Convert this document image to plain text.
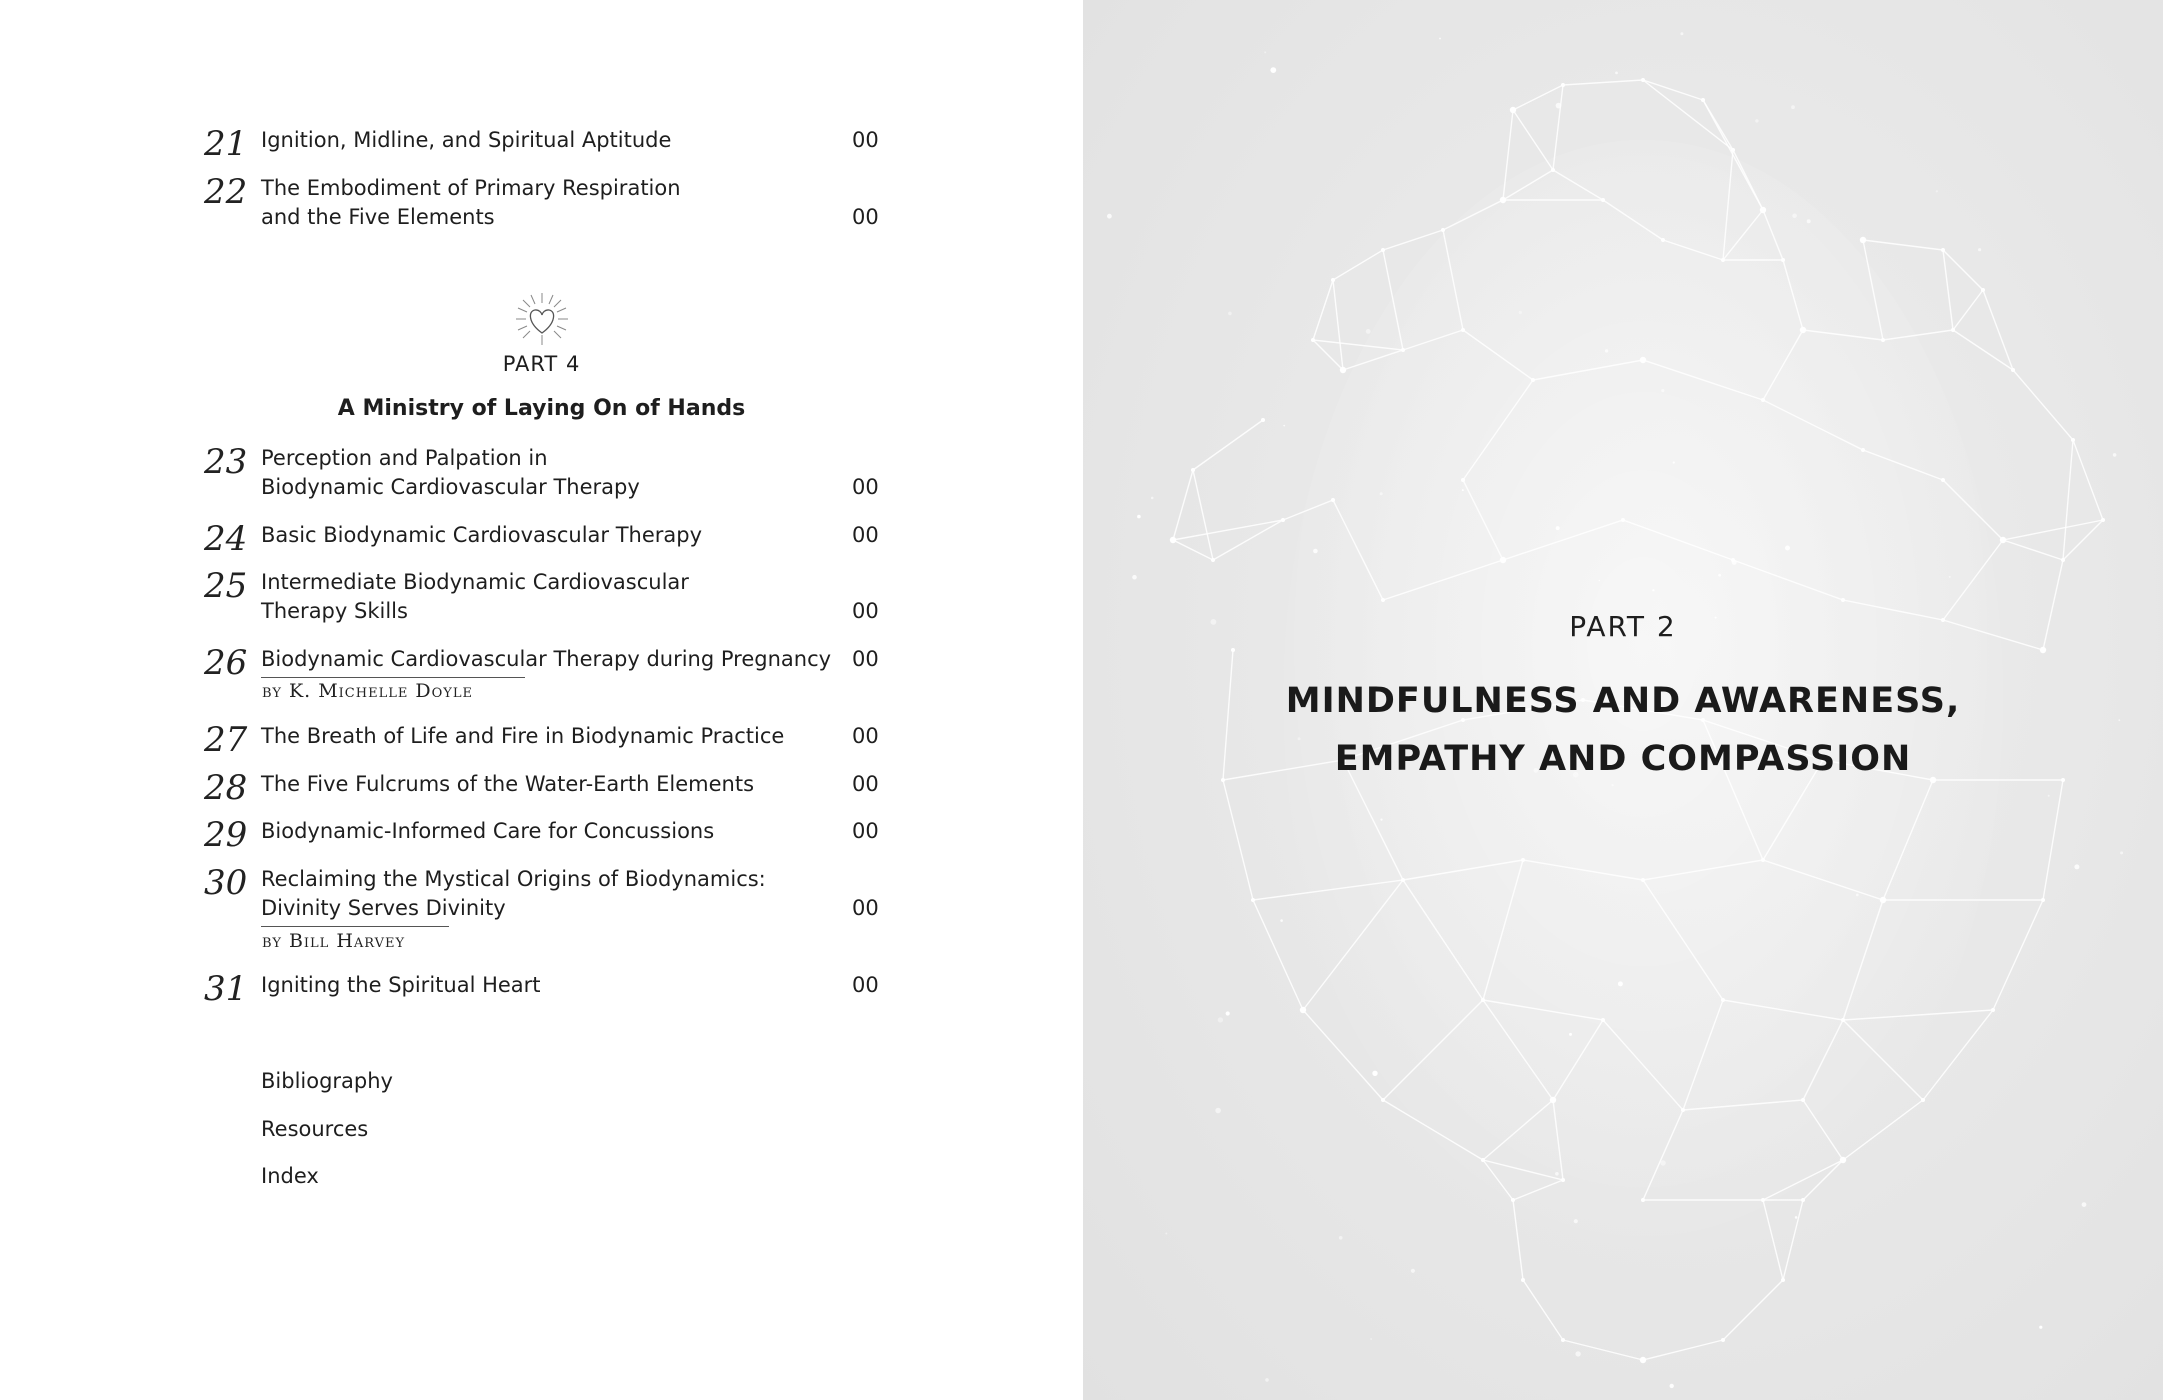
21 Ignition, Midline, and Spiritual Aptitude	00
22 The Embodiment of Primary Respiration
and the Five Elements	00
PART 4
A Ministry of Laying On of Hands
23 Perception and Palpation in
Biodynamic Cardiovascular Therapy	00
24 Basic Biodynamic Cardiovascular Therapy	00
25 Intermediate Biodynamic Cardiovascular
Therapy Skills	00
26 Biodynamic Cardiovascular Therapy during Pregnancy 00
by K. Michelle Doyle
27 The Breath of Life and Fire in Biodynamic Practice	00
28 The Five Fulcrums of the Water-Earth Elements	00
29 Biodynamic-Informed Care for Concussions	00
30 Reclaiming the Mystical Origins of Biodynamics:
Divinity Serves Divinity	00
by Bill Harvey
31 Igniting the Spiritual Heart	00
Bibliography
Resources
Index
PART 2
MINDFULNESS AND AWARENESS,
EMPATHY AND COMPASSION
